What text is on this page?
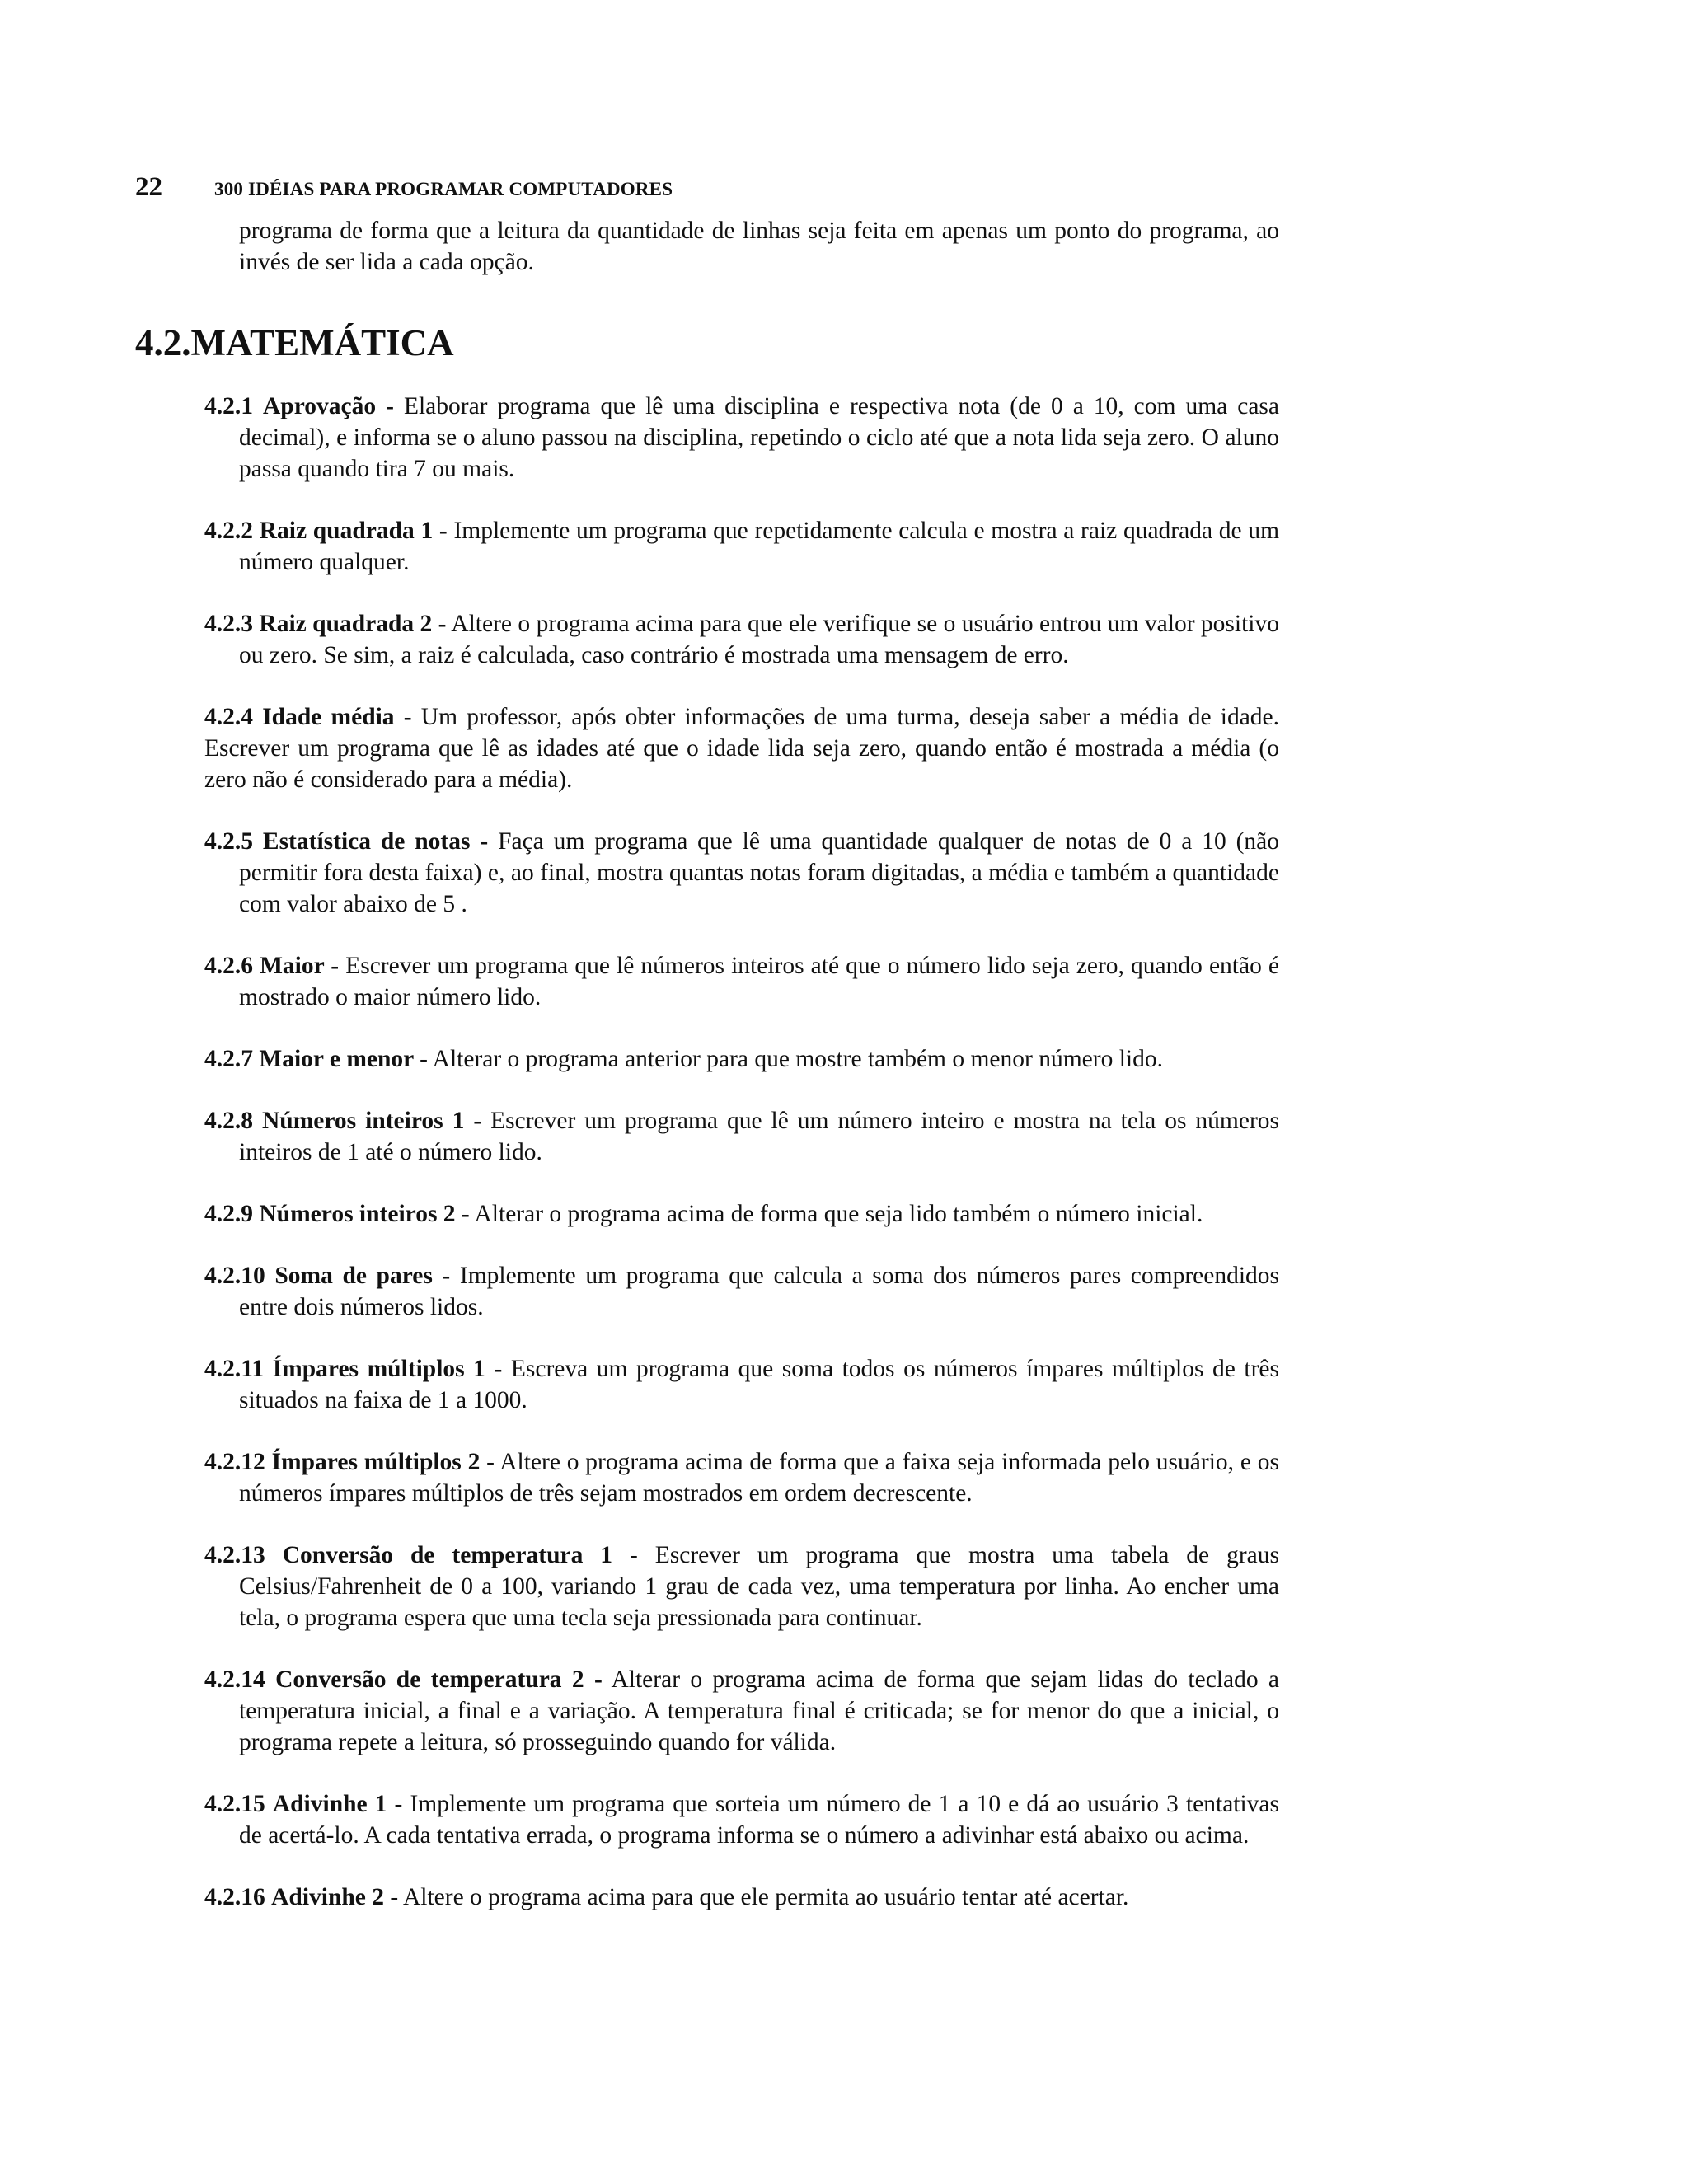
22	300 IDÉIAS PARA PROGRAMAR COMPUTADORES

programa de forma que a leitura da quantidade de linhas seja feita em apenas um ponto do programa, ao invés de ser lida a cada opção.

4.2.MATEMÁTICA

4.2.1 Aprovação - Elaborar programa que lê uma disciplina e respectiva nota (de 0 a 10, com uma casa decimal), e informa se o aluno passou na disciplina, repetindo o ciclo até que a nota lida seja zero. O aluno passa quando tira 7 ou mais.

4.2.2 Raiz quadrada 1 - Implemente um programa que repetidamente calcula e mostra a raiz quadrada de um número qualquer.

4.2.3 Raiz quadrada 2 - Altere o programa acima para que ele verifique se o usuário entrou um valor positivo ou zero. Se sim, a raiz é calculada, caso contrário é mostrada uma mensagem de erro.

4.2.4 Idade média - Um professor, após obter informações de uma turma, deseja saber a média de idade. Escrever um programa que lê as idades até que o idade lida seja zero, quando então é mostrada a média (o zero não é considerado para a média).

4.2.5 Estatística de notas - Faça um programa que lê uma quantidade qualquer de notas de 0 a 10 (não permitir fora desta faixa) e, ao final, mostra quantas notas foram digitadas, a média e também a quantidade com valor abaixo de 5 .

4.2.6 Maior - Escrever um programa que lê números inteiros até que o número lido seja zero, quando então é mostrado o maior número lido.

4.2.7 Maior e menor - Alterar o programa anterior para que mostre também o menor número lido.

4.2.8 Números inteiros 1 - Escrever um programa que lê um número inteiro e mostra na tela os números inteiros de 1 até o número lido.

4.2.9 Números inteiros 2 - Alterar o programa acima de forma que seja lido também o número inicial.

4.2.10 Soma de pares - Implemente um programa que calcula a soma dos números pares compreendidos entre dois números lidos.

4.2.11 Ímpares múltiplos 1 - Escreva um programa que soma todos os números ímpares múltiplos de três situados na faixa de 1 a 1000.

4.2.12 Ímpares múltiplos 2 - Altere o programa acima de forma que a faixa seja informada pelo usuário, e os números ímpares múltiplos de três sejam mostrados em ordem decrescente.

4.2.13 Conversão de temperatura 1 - Escrever um programa que mostra uma tabela de graus Celsius/Fahrenheit de 0 a 100, variando 1 grau de cada vez, uma temperatura por linha. Ao encher uma tela, o programa espera que uma tecla seja pressionada para continuar.

4.2.14 Conversão de temperatura 2 - Alterar o programa acima de forma que sejam lidas do teclado a temperatura inicial, a final e a variação. A temperatura final é criticada; se for menor do que a inicial, o programa repete a leitura, só prosseguindo quando for válida.

4.2.15 Adivinhe 1 - Implemente um programa que sorteia um número de 1 a 10 e dá ao usuário 3 tentativas de acertá-lo. A cada tentativa errada, o programa informa se o número a adivinhar está abaixo ou acima.

4.2.16 Adivinhe 2 - Altere o programa acima para que ele permita ao usuário tentar até acertar.
